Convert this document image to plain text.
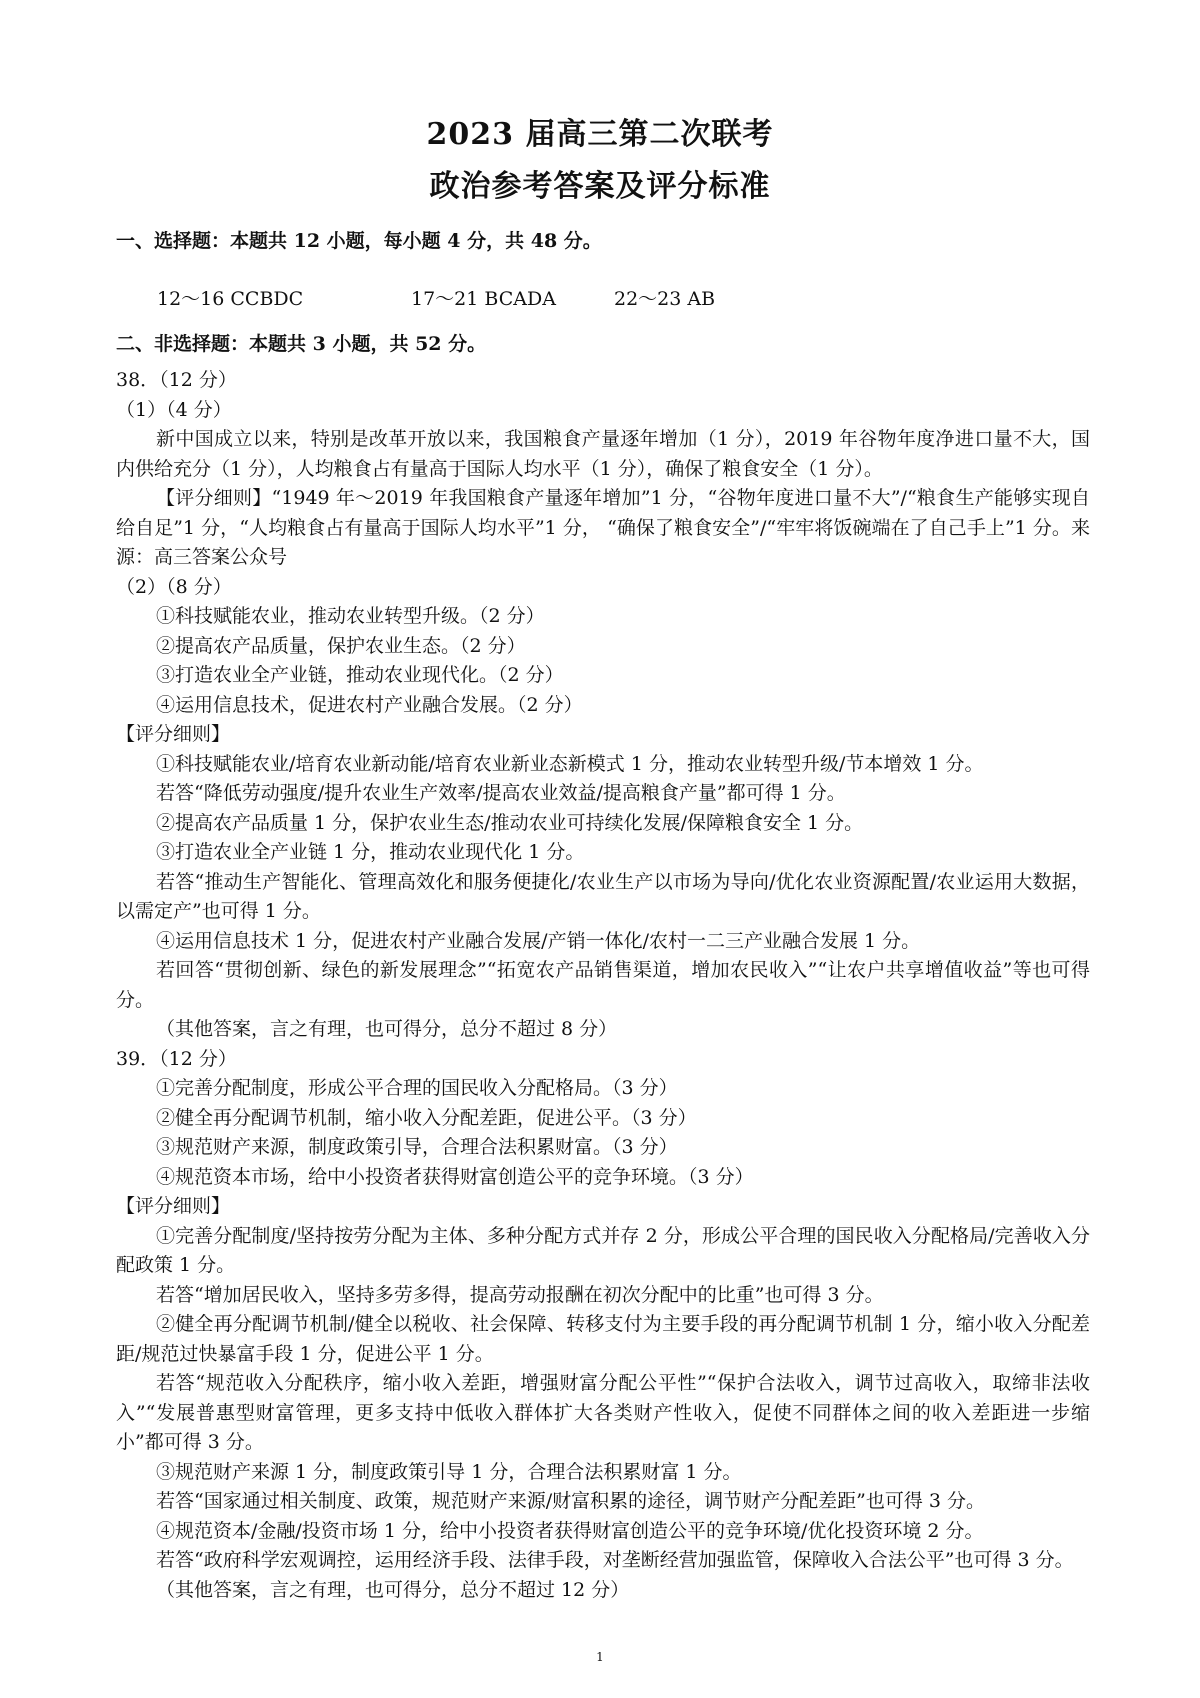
2023 届高三第二次联考
政治参考答案及评分标准
一、选择题：本题共 12 小题，每小题 4 分，共 48 分。
12～16 CCBDC	17～21 BCADA	22～23 AB
二、非选择题：本题共 3 小题，共 52 分。

38．（12 分）

（1）（4 分）

新中国成立以来，特别是改革开放以来，我国粮食产量逐年增加（1 分），2019 年谷物年度净进口量不大，国内供给充分（1 分），人均粮食占有量高于国际人均水平（1 分），确保了粮食安全（1 分）。

【评分细则】“1949 年～2019 年我国粮食产量逐年增加”1 分，“谷物年度进口量不大”/“粮食生产能够实现自给自足”1 分，“人均粮食占有量高于国际人均水平”1 分， “确保了粮食安全”/“牢牢将饭碗端在了自己手上”1 分。来源：高三答案公众号

（2）（8 分）

①科技赋能农业，推动农业转型升级。（2 分）

②提高农产品质量，保护农业生态。（2 分）

③打造农业全产业链，推动农业现代化。（2 分）

④运用信息技术，促进农村产业融合发展。（2 分）

【评分细则】

①科技赋能农业/培育农业新动能/培育农业新业态新模式 1 分，推动农业转型升级/节本增效 1 分。

若答“降低劳动强度/提升农业生产效率/提高农业效益/提高粮食产量”都可得 1 分。

②提高农产品质量 1 分，保护农业生态/推动农业可持续化发展/保障粮食安全 1 分。

③打造农业全产业链 1 分，推动农业现代化 1 分。

若答“推动生产智能化、管理高效化和服务便捷化/农业生产以市场为导向/优化农业资源配置/农业运用大数据，以需定产”也可得 1 分。

④运用信息技术 1 分，促进农村产业融合发展/产销一体化/农村一二三产业融合发展 1 分。

若回答“贯彻创新、绿色的新发展理念”“拓宽农产品销售渠道，增加农民收入”“让农户共享增值收益”等也可得分。

（其他答案，言之有理，也可得分，总分不超过 8 分）

39．（12 分）

①完善分配制度，形成公平合理的国民收入分配格局。（3 分）

②健全再分配调节机制，缩小收入分配差距，促进公平。（3 分）

③规范财产来源，制度政策引导，合理合法积累财富。（3 分）

④规范资本市场，给中小投资者获得财富创造公平的竞争环境。（3 分）

【评分细则】

①完善分配制度/坚持按劳分配为主体、多种分配方式并存 2 分，形成公平合理的国民收入分配格局/完善收入分配政策 1 分。

若答“增加居民收入，坚持多劳多得，提高劳动报酬在初次分配中的比重”也可得 3 分。

②健全再分配调节机制/健全以税收、社会保障、转移支付为主要手段的再分配调节机制 1 分，缩小收入分配差距/规范过快暴富手段 1 分，促进公平 1 分。

若答“规范收入分配秩序，缩小收入差距，增强财富分配公平性”“保护合法收入，调节过高收入，取缔非法收入”“发展普惠型财富管理，更多支持中低收入群体扩大各类财产性收入，促使不同群体之间的收入差距进一步缩小”都可得 3 分。

③规范财产来源 1 分，制度政策引导 1 分，合理合法积累财富 1 分。

若答“国家通过相关制度、政策，规范财产来源/财富积累的途径，调节财产分配差距”也可得 3 分。

④规范资本/金融/投资市场 1 分，给中小投资者获得财富创造公平的竞争环境/优化投资环境 2 分。

若答“政府科学宏观调控，运用经济手段、法律手段，对垄断经营加强监管，保障收入合法公平”也可得 3 分。

（其他答案，言之有理，也可得分，总分不超过 12 分）

1
